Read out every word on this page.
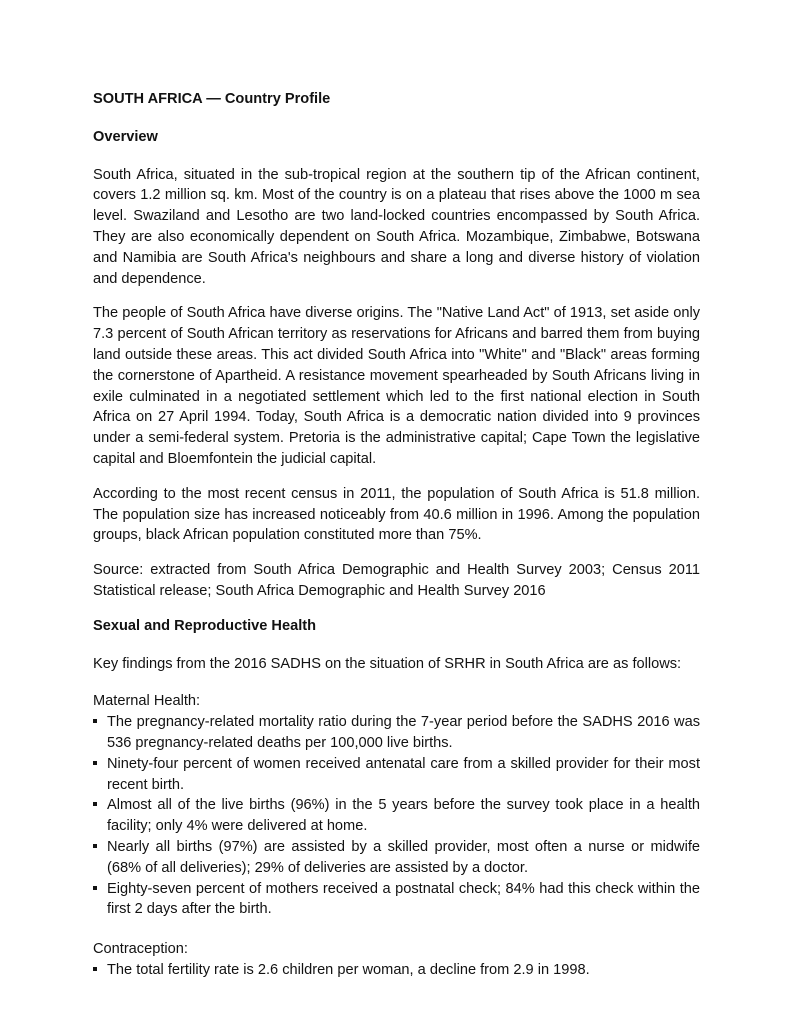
SOUTH AFRICA — Country Profile
Overview

South Africa, situated in the sub-tropical region at the southern tip of the African continent, covers 1.2 million sq. km. Most of the country is on a plateau that rises above the 1000 m sea level. Swaziland and Lesotho are two land-locked countries encompassed by South Africa. They are also economically dependent on South Africa. Mozambique, Zimbabwe, Botswana and Namibia are South Africa's neighbours and share a long and diverse history of violation and dependence.

The people of South Africa have diverse origins. The "Native Land Act" of 1913, set aside only 7.3 percent of South African territory as reservations for Africans and barred them from buying land outside these areas. This act divided South Africa into "White" and "Black" areas forming the cornerstone of Apartheid. A resistance movement spearheaded by South Africans living in exile culminated in a negotiated settlement which led to the first national election in South Africa on 27 April 1994. Today, South Africa is a democratic nation divided into 9 provinces under a semi-federal system. Pretoria is the administrative capital; Cape Town the legislative capital and Bloemfontein the judicial capital.

According to the most recent census in 2011, the population of South Africa is 51.8 million. The population size has increased noticeably from 40.6 million in 1996. Among the population groups, black African population constituted more than 75%.

Source: extracted from South Africa Demographic and Health Survey 2003; Census 2011 Statistical release; South Africa Demographic and Health Survey 2016

Sexual and Reproductive Health

Key findings from the 2016 SADHS on the situation of SRHR in South Africa are as follows:

Maternal Health:

The pregnancy-related mortality ratio during the 7-year period before the SADHS 2016 was 536 pregnancy-related deaths per 100,000 live births.
Ninety-four percent of women received antenatal care from a skilled provider for their most recent birth.
Almost all of the live births (96%) in the 5 years before the survey took place in a health facility; only 4% were delivered at home.
Nearly all births (97%) are assisted by a skilled provider, most often a nurse or midwife (68% of all deliveries); 29% of deliveries are assisted by a doctor.
Eighty-seven percent of mothers received a postnatal check; 84% had this check within the first 2 days after the birth.

Contraception:

The total fertility rate is 2.6 children per woman, a decline from 2.9 in 1998.
